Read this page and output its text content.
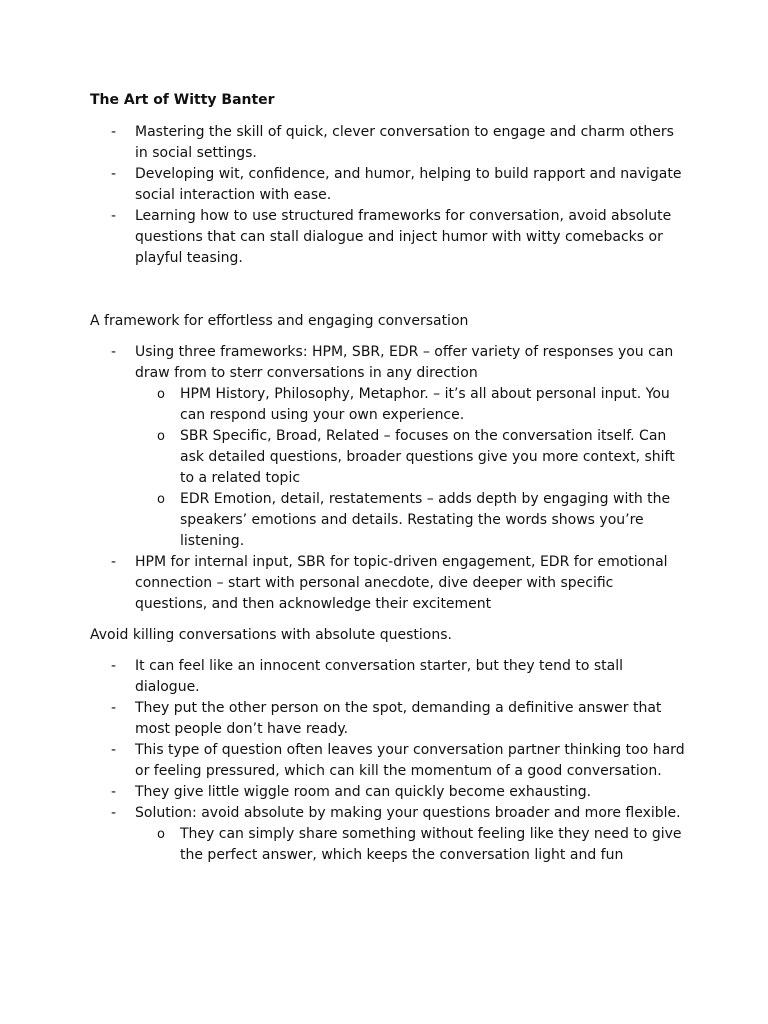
The Art of Witty Banter
- Mastering the skill of quick, clever conversation to engage and charm others in social settings.
- Developing wit, confidence, and humor, helping to build rapport and navigate social interaction with ease.
- Learning how to use structured frameworks for conversation, avoid absolute questions that can stall dialogue and inject humor with witty comebacks or playful teasing.
A framework for effortless and engaging conversation
- Using three frameworks: HPM, SBR, EDR – offer variety of responses you can draw from to sterr conversations in any direction
o HPM History, Philosophy, Metaphor. – it’s all about personal input. You can respond using your own experience.
o SBR Specific, Broad, Related – focuses on the conversation itself. Can ask detailed questions, broader questions give you more context, shift to a related topic
o EDR Emotion, detail, restatements – adds depth by engaging with the speakers’ emotions and details. Restating the words shows you’re listening.
- HPM for internal input, SBR for topic-driven engagement, EDR for emotional connection – start with personal anecdote, dive deeper with specific questions, and then acknowledge their excitement
Avoid killing conversations with absolute questions.
- It can feel like an innocent conversation starter, but they tend to stall dialogue.
- They put the other person on the spot, demanding a definitive answer that most people don’t have ready.
- This type of question often leaves your conversation partner thinking too hard or feeling pressured, which can kill the momentum of a good conversation.
- They give little wiggle room and can quickly become exhausting.
- Solution: avoid absolute by making your questions broader and more flexible.
o They can simply share something without feeling like they need to give the perfect answer, which keeps the conversation light and fun
